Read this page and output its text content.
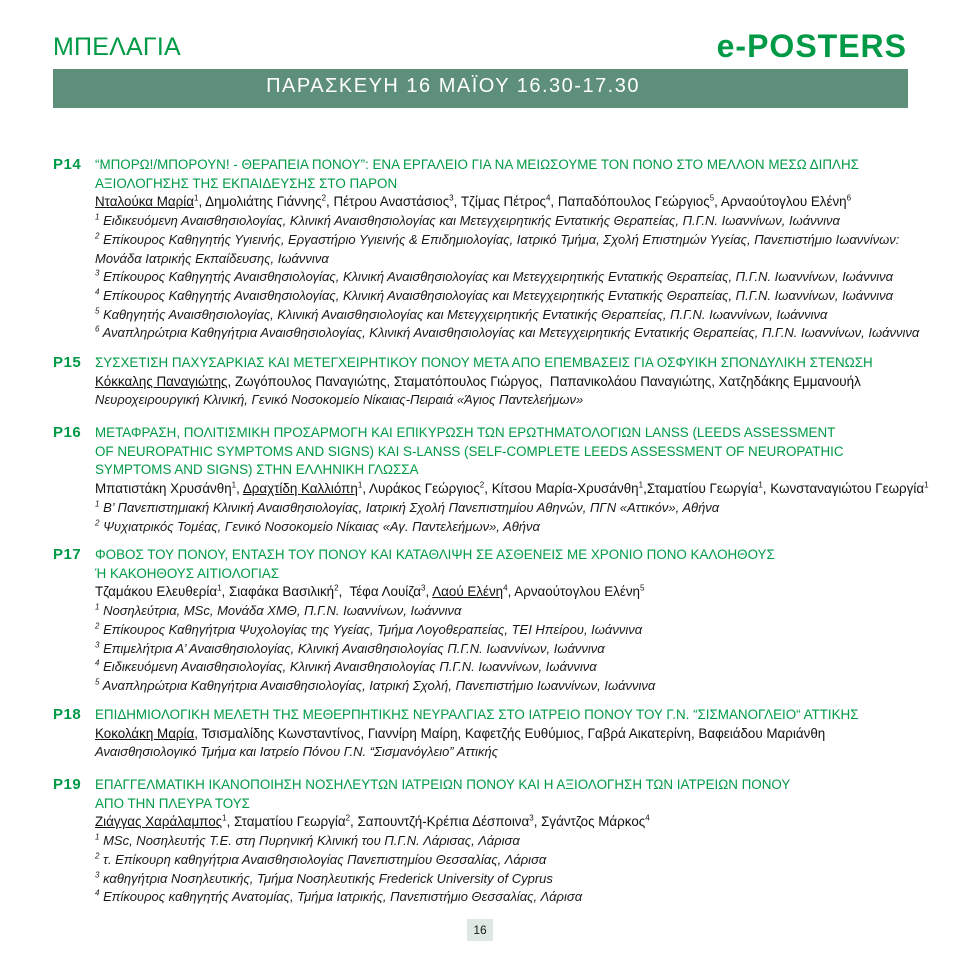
ΜΠΕΛΑΓΙΑ	e-POSTERS
ΠΑΡΑΣΚΕΥΗ 16 ΜΑΪΟΥ 16.30-17.30
P14 “ΜΠΟΡΩ!/ΜΠΟΡΟΥΝ! - ΘΕΡΑΠΕΙΑ ΠΟΝΟΥ”: ΕΝΑ ΕΡΓΑΛΕΙΟ ΓΙΑ ΝΑ ΜΕΙΩΣΟΥΜΕ ΤΟΝ ΠΟΝΟ ΣΤΟ ΜΕΛΛΟΝ ΜΕΣΩ ΔΙΠΛΗΣ
ΑΞΙΟΛΟΓΗΣΗΣ ΤΗΣ ΕΚΠΑΙΔΕΥΣΗΣ ΣΤΟ ΠΑΡΟΝ
Νταλούκα Μαρία$^1$, Δημολιάτης Γιάννης$^2$, Πέτρου Αναστάσιος$^3$, Τζίμας Πέτρος$^4$, Παπαδόπουλος Γεώργιος$^5$, Αρναούτογλου Ελένη$^6$
$^1$ Ειδικευόμενη Αναισθησιολογίας, Κλινική Αναισθησιολογίας και Μετεγχειρητικής Εντατικής Θεραπείας, Π.Γ.Ν. Ιωαννίνων, Ιωάννινα
$^2$ Επίκουρος Καθηγητής Υγιεινής, Εργαστήριο Υγιεινής & Επιδημιολογίας, Ιατρικό Τμήμα, Σχολή Επιστημών Υγείας, Πανεπιστήμιο Ιωαννίνων:
Μονάδα Ιατρικής Εκπαίδευσης, Ιωάννινα
$^3$ Επίκουρος Καθηγητής Αναισθησιολογίας, Κλινική Αναισθησιολογίας και Μετεγχειρητικής Εντατικής Θεραπείας, Π.Γ.Ν. Ιωαννίνων, Ιωάννινα
$^4$ Επίκουρος Καθηγητής Αναισθησιολογίας, Κλινική Αναισθησιολογίας και Μετεγχειρητικής Εντατικής Θεραπείας, Π.Γ.Ν. Ιωαννίνων, Ιωάννινα
$^5$ Καθηγητής Αναισθησιολογίας, Κλινική Αναισθησιολογίας και Μετεγχειρητικής Εντατικής Θεραπείας, Π.Γ.Ν. Ιωαννίνων, Ιωάννινα
$^6$ Αναπληρώτρια Καθηγήτρια Αναισθησιολογίας, Κλινική Αναισθησιολογίας και Μετεγχειρητικής Εντατικής Θεραπείας, Π.Γ.Ν. Ιωαννίνων, Ιωάννινα
P15 ΣΥΣΧΕΤΙΣΗ ΠΑΧΥΣΑΡΚΙΑΣ ΚΑΙ ΜΕΤΕΓΧΕΙΡΗΤΙΚΟΥ ΠΟΝΟΥ ΜΕΤΑ ΑΠΟ ΕΠΕΜΒΑΣΕΙΣ ΓΙΑ ΟΣΦΥΙΚΗ ΣΠΟΝΔΥΛΙΚΗ ΣΤΕΝΩΣΗ
Κόκκαλης Παναγιώτης, Ζωγόπουλος Παναγιώτης, Σταματόπουλος Γιώργος,  Παπανικολάου Παναγιώτης, Χατζηδάκης Εμμανουήλ
Νευροχειρουργική Κλινική, Γενικό Νοσοκομείο Νίκαιας-Πειραιά «Άγιος Παντελεήμων»
P16 ΜΕΤΑΦΡΑΣΗ, ΠΟΛΙΤΙΣΜΙΚΗ ΠΡΟΣΑΡΜΟΓΗ ΚΑΙ ΕΠΙΚΥΡΩΣΗ ΤΩΝ ΕΡΩΤΗΜΑΤΟΛΟΓΙΩΝ LANSS (LEEDS ASSESSMENT
OF NEUROPATHIC SYMPTOMS AND SIGNS) KAI S-LANSS (SELF-COMPLETE LEEDS ASSESSMENT OF NEUROPATHIC
SYMPTOMS AND SIGNS) ΣΤΗΝ ΕΛΛΗΝΙΚΗ ΓΛΩΣΣΑ
Μπατιστάκη Χρυσάνθη$^1$, Δραχτίδη Καλλιόπη$^1$, Λυράκος Γεώργιος$^2$, Κίτσου Μαρία-Χρυσάνθη$^1$,Σταματίου Γεωργία$^1$, Κωνσταναγιώτου Γεωργία$^1$
$^1$ Β’ Πανεπιστημιακή Κλινική Αναισθησιολογίας, Ιατρική Σχολή Πανεπιστημίου Αθηνών, ΠΓΝ «Αττικόν», Αθήνα
$^2$ Ψυχιατρικός Τομέας, Γενικό Νοσοκομείο Νίκαιας «Αγ. Παντελεήμων», Αθήνα
P17 ΦΟΒΟΣ ΤΟΥ ΠΟΝΟΥ, ΕΝΤΑΣΗ ΤΟΥ ΠΟΝΟΥ ΚΑΙ ΚΑΤΑΘΛΙΨΗ ΣΕ ΑΣΘΕΝΕΙΣ ΜΕ ΧΡΟΝΙΟ ΠΟΝΟ ΚΑΛΟΗΘΟΥΣ
Ή ΚΑΚΟΗΘΟΥΣ ΑΙΤΙΟΛΟΓΙΑΣ
Τζαμάκου Ελευθερία$^1$, Σιαφάκα Βασιλική$^2$,  Τέφα Λουίζα$^3$, Λαού Ελένη$^4$, Αρναούτογλου Ελένη$^5$
$^1$ Νοσηλεύτρια, MSc, Μονάδα ΧΜΘ, Π.Γ.Ν. Ιωαννίνων, Ιωάννινα
$^2$ Επίκουρος Καθηγήτρια Ψυχολογίας της Υγείας, Τμήμα Λογοθεραπείας, ΤΕΙ Ηπείρου, Ιωάννινα
$^3$ Επιμελήτρια Α’ Αναισθησιολογίας, Κλινική Αναισθησιολογίας Π.Γ.Ν. Ιωαννίνων, Ιωάννινα
$^4$ Ειδικευόμενη Αναισθησιολογίας, Κλινική Αναισθησιολογίας Π.Γ.Ν. Ιωαννίνων, Ιωάννινα
$^5$ Αναπληρώτρια Καθηγήτρια Αναισθησιολογίας, Ιατρική Σχολή, Πανεπιστήμιο Ιωαννίνων, Ιωάννινα
P18 ΕΠΙΔΗΜΙΟΛΟΓΙΚΗ ΜΕΛΕΤΗ ΤΗΣ ΜΕΘΕΡΠΗΤΙΚΗΣ ΝΕΥΡΑΛΓΙΑΣ ΣΤΟ ΙΑΤΡΕΙΟ ΠΟΝΟΥ ΤΟΥ Γ.Ν. “ΣΙΣΜΑΝΟΓΛΕΙΟ“ ΑΤΤΙΚΗΣ
Κοκολάκη Μαρία, Τσισμαλίδης Κωνσταντίνος, Γιαννίρη Μαίρη, Καφετζής Ευθύμιος, Γαβρά Αικατερίνη, Βαφειάδου Μαριάνθη
Αναισθησιολογικό Τμήμα και Ιατρείο Πόνου Γ.Ν. “Σισμανόγλειο” Αττικής
P19 ΕΠΑΓΓΕΛΜΑΤΙΚΗ ΙΚΑΝΟΠΟΙΗΣΗ ΝΟΣΗΛΕΥΤΩΝ ΙΑΤΡΕΙΩΝ ΠΟΝΟΥ ΚΑΙ Η ΑΞΙΟΛΟΓΗΣΗ ΤΩΝ ΙΑΤΡΕΙΩΝ ΠΟΝΟΥ
ΑΠΟ ΤΗΝ ΠΛΕΥΡΑ ΤΟΥΣ
Ζιάγγας Χαράλαμπος$^1$, Σταματίου Γεωργία$^2$, Σαπουντζή-Κρέπια Δέσποινα$^3$, Σγάντζος Μάρκος$^4$
$^1$ MSc, Νοσηλευτής Τ.Ε. στη Πυρηνική Κλινική του Π.Γ.Ν. Λάρισας, Λάρισα
$^2$ τ. Επίκουρη καθηγήτρια Αναισθησιολογίας Πανεπιστημίου Θεσσαλίας, Λάρισα
$^3$ καθηγήτρια Νοσηλευτικής, Τμήμα Νοσηλευτικής Frederick University of Cyprus
$^4$ Επίκουρος καθηγητής Ανατομίας, Τμήμα Ιατρικής, Πανεπιστήμιο Θεσσαλίας, Λάρισα
16
